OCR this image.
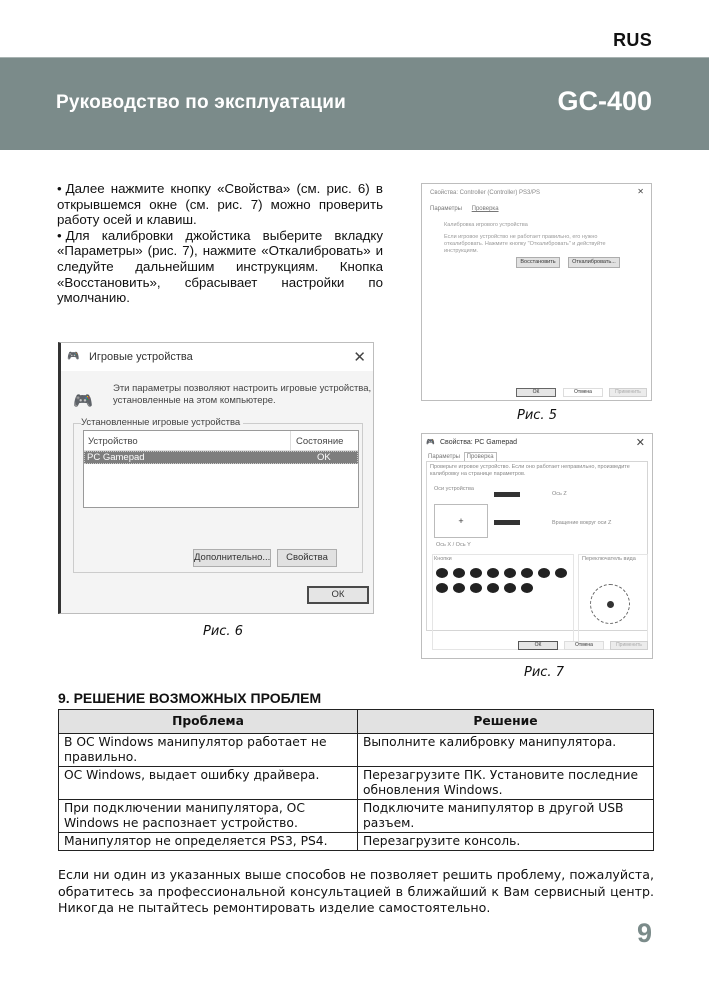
RUS
Руководство по эксплуатации	GC-400

• Далее нажмите кнопку «Свойства» (см. рис. 6) в открывшемся окне (см. рис. 7) можно проверить работу осей и клавиш.

• Для калибровки джойстика выберите вкладку «Параметры» (рис. 7), нажмите «Откалибровать» и следуйте дальнейшим инструкциям. Кнопка «Восстановить», сбрасывает настройки по умолчанию.

Свойства: Controller (Controller) PS3/PS	✕
Параметры Проверка
Калибровка игрового устройства
Если игровое устройство не работает правильно, его нужно откалибровать. Нажмите кнопку "Откалибровать" и действуйте инструкциям.
Восстановить	Откалибровать...
ОК	Отмена	Применить
Рис. 5
🎮 Игровые устройства	✕
🎮
Эти параметры позволяют настроить игровые устройства,
установленные на этом компьютере.
Установленные игровые устройства
Устройство	Состояние
PC Gamepad	OK
Дополнительно...	Свойства
ОК
Рис. 6
🎮 Свойства: PC Gamepad	✕
Параметры Проверка
Проверьте игровое устройство. Если оно работает неправильно, произведите калибровку на странице параметров.
Оси устройства
Ось Z
+	Вращение вокруг оси Z
Ось X / Ось Y
Кнопки	Переключатель вида
ОК	Отмена	Применить
Рис. 7
9. РЕШЕНИЕ ВОЗМОЖНЫХ ПРОБЛЕМ
Проблема	Решение
В ОС Windows манипулятор работает не правильно.	Выполните калибровку манипулятора.
ОС Windows, выдает ошибку драйвера.	Перезагрузите ПК. Установите последние обновления Windows.
При подключении манипулятора, ОС Windows не распознает устройство.	Подключите манипулятор в другой USB разъем.
Манипулятор не определяется PS3, PS4.	Перезагрузите консоль.

Если ни один из указанных выше способов не позволяет решить проблему, пожалуйста, обратитесь за профессиональной консультацией в ближайший к Вам сервисный центр. Никогда не пытайтесь ремонтировать изделие самостоятельно.

9
